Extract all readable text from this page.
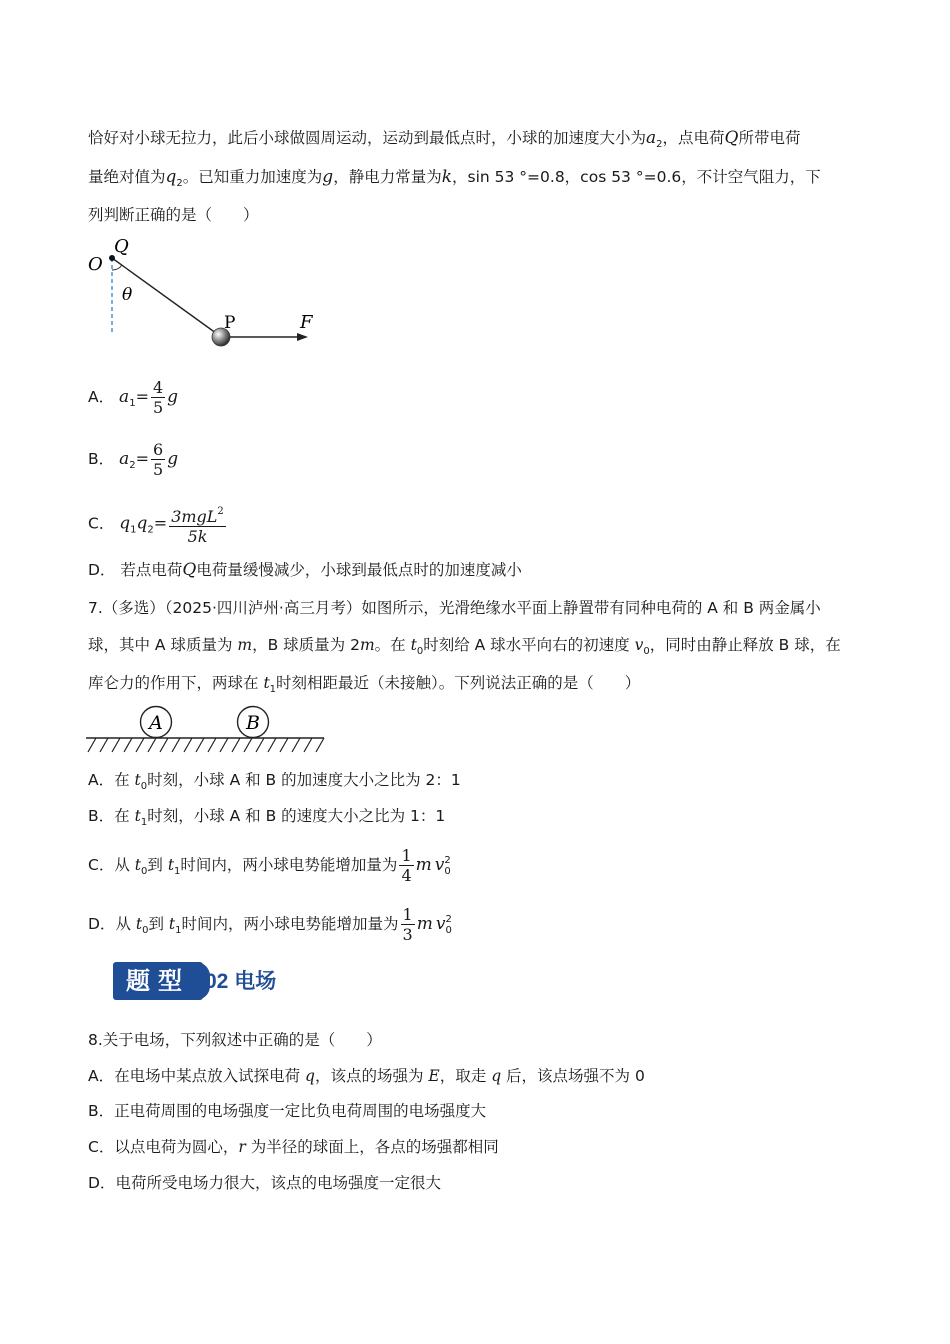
恰好对小球无拉力，此后小球做圆周运动，运动到最低点时，小球的加速度大小为$a_2$，点电荷Q所带电荷
量绝对值为$q_2$。已知重力加速度为g，静电力常量为k，sin 53 °=0.8，cos 53 °=0.6，不计空气阻力，下
列判断正确的是（　　）
O
Q
θ
P	F
A． $a_1= \frac{4}{5}$ g
B． $a_2= \frac{6}{5}$ g
C． $q_1q_2= \frac{3mgL^2}{5k}$
D． 若点电荷Q电荷量缓慢减少，小球到最低点时的加速度减小
7.（多选）（2025·四川泸州·高三月考）如图所示，光滑绝缘水平面上静置带有同种电荷的 A 和 B 两金属小
球，其中 A 球质量为 m，B 球质量为 2m。在 $t_0$时刻给 A 球水平向右的初速度 $v_0$，同时由静止释放 B 球，在
库仑力的作用下，两球在 $t_1$时刻相距最近（未接触）。下列说法正确的是（　　）
A	B
A．在 $t_0$时刻，小球 A 和 B 的加速度大小之比为 2：1
B．在 $t_1$时刻，小球 A 和 B 的速度大小之比为 1：1
C．从 $t_0$到 $t_1$时间内，两小球电势能增加量为 $\frac{1}{4}$ m v 2
0
D．从 $t_0$到 $t_1$时间内，两小球电势能增加量为 $\frac{1}{3}$ m v 2
0
题型 02 电场
8.关于电场，下列叙述中正确的是（　　）
A．在电场中某点放入试探电荷 q，该点的场强为 E，取走 q 后，该点场强不为 0
B．正电荷周围的电场强度一定比负电荷周围的电场强度大
C．以点电荷为圆心，r 为半径的球面上，各点的场强都相同
D．电荷所受电场力很大，该点的电场强度一定很大
